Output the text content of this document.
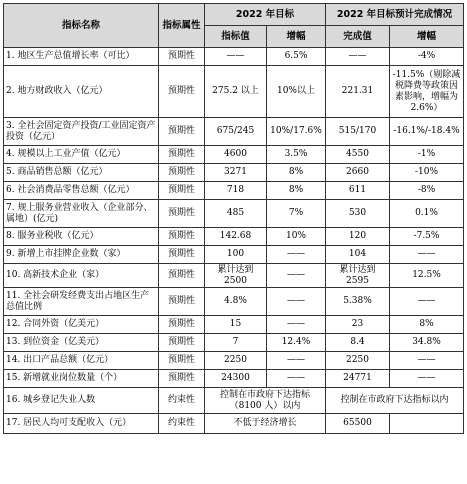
指标名称	指标属性	2022 年目标		2022 年目标预计完成情况	
		指标值	增幅	完成值	增幅
1. 地区生产总值增长率（可比）	预期性	——	6.5%	——	-4%
2. 地方财政收入（亿元）	预期性	275.2 以上	10%以上	221.31	-11.5%（剔除减税降费等政策因素影响，增幅为 2.6%）
3. 全社会固定资产投资/工业固定资产投资（亿元）	预期性	675/245	10%/17.6%	515/170	-16.1%/-18.4%
4. 规模以上工业产值（亿元）	预期性	4600	3.5%	4550	-1%
5. 商品销售总额（亿元）	预期性	3271	8%	2660	-10%
6. 社会消费品零售总额（亿元）	预期性	718	8%	611	-8%
7. 规上服务业营业收入（企业部分、属地）(亿元)	预期性	485	7%	530	0.1%
8. 服务业税收（亿元）	预期性	142.68	10%	120	-7.5%
9. 新增上市挂牌企业数（家）	预期性	100	——	104	——
10. 高新技术企业（家）	预期性	累计达到 2500	——	累计达到 2595	12.5%
11. 全社会研发经费支出占地区生产总值比例	预期性	4.8%	——	5.38%	——
12. 合同外资（亿美元）	预期性	15	——	23	8%
13. 到位资金（亿美元）	预期性	7	12.4%	8.4	34.8%
14. 出口产品总额（亿元）	预期性	2250	——	2250	——
15. 新增就业岗位数量（个）	预期性	24300	——	24771	——
16. 城乡登记失业人数	约束性	控制在市政府下达指标（8100 人）以内		控制在市政府下达指标以内	
17. 居民人均可支配收入（元）	约束性	不低于经济增长		65500	
